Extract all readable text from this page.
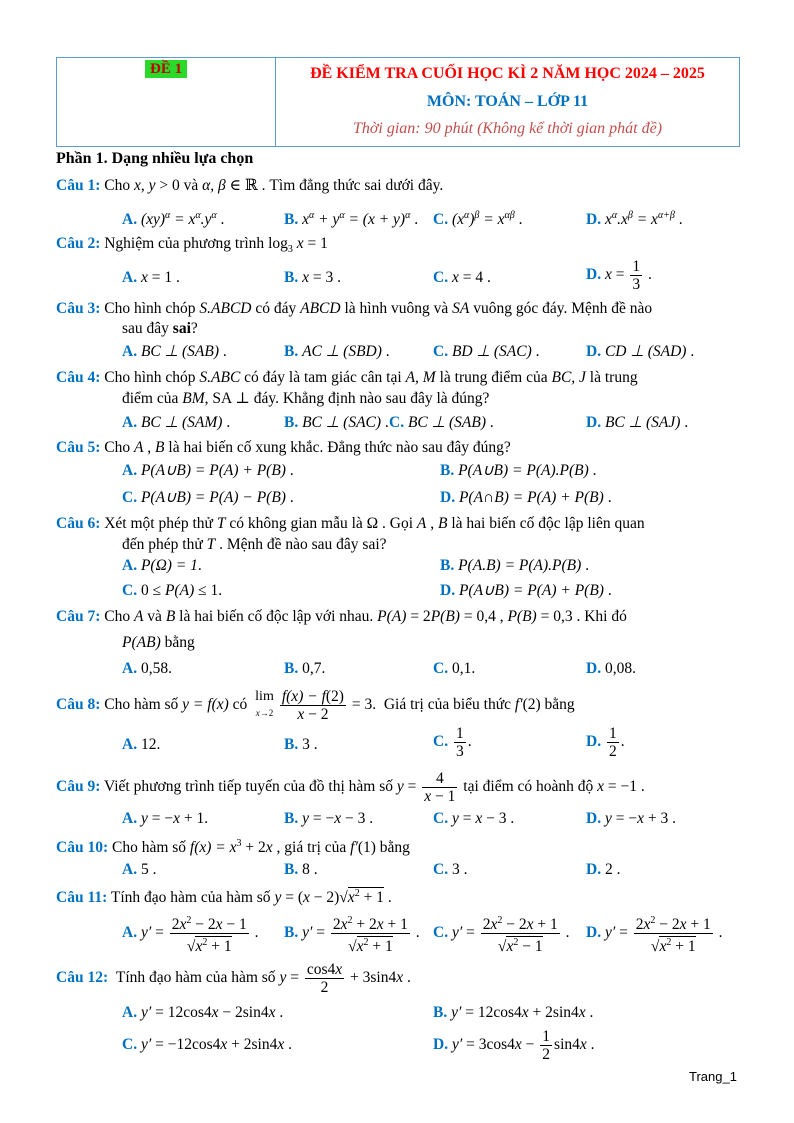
ĐỀ 1	ĐỀ KIỂM TRA CUỐI HỌC KÌ 2 NĂM HỌC 2024 – 2025
MÔN: TOÁN – LỚP 11
Thời gian: 90 phút (Không kể thời gian phát đề)
Phần 1. Dạng nhiều lựa chọn
Câu 1: Cho x, y > 0 và α, β ∈ ℝ . Tìm đẳng thức sai dưới đây.
A. $(xy)^\alpha = x^\alpha.y^\alpha$ .	B. $x^\alpha + y^\alpha = (x + y)^\alpha$ . C. $(x^\alpha)^\beta = x^{\alpha\beta}$ .	D. $x^\alpha.x^\beta = x^{\alpha+\beta}$ .
Câu 2: Nghiệm của phương trình $\log_3 x = 1$
A. x = 1 .	B. x = 3 .	C. x = 4 .	D. $x = \frac{1}{3}$ .
Câu 3: Cho hình chóp S.ABCD có đáy ABCD là hình vuông và SA vuông góc đáy. Mệnh đề nào
sau đây sai?
A. BC ⊥ (SAB) .	B. AC ⊥ (SBD) .	C. BD ⊥ (SAC) .	D. CD ⊥ (SAD) .
Câu 4: Cho hình chóp S.ABC có đáy là tam giác cân tại A, M là trung điểm của BC, J là trung
điểm của BM, SA ⊥ đáy. Khẳng định nào sau đây là đúng?
A. BC ⊥ (SAM) .	B. BC ⊥ (SAC) . C. BC ⊥ (SAB) .	D. BC ⊥ (SAJ) .
Câu 5: Cho A , B là hai biến cố xung khắc. Đẳng thức nào sau đây đúng?
A. P(A∪B) = P(A) + P(B) .	B. P(A∪B) = P(A).P(B) .
C. P(A∪B) = P(A) − P(B) .	D. P(A∩B) = P(A) + P(B) .
Câu 6: Xét một phép thử T có không gian mẫu là Ω . Gọi A , B là hai biến cố độc lập liên quan
đến phép thử T . Mệnh đề nào sau đây sai?
A. P(Ω) = 1.	B. P(A.B) = P(A).P(B) .
C. 0 ≤ P(A) ≤ 1.	D. P(A∪B) = P(A) + P(B) .
Câu 7: Cho A và B là hai biến cố độc lập với nhau. P(A) = 2P(B) = 0,4 , P(B) = 0,3 . Khi đó
P(AB) bằng
A. 0,58.	B. 0,7.	C. 0,1.	D. 0,08.
Câu 8: Cho hàm số y = f(x) có lim
$x\to 2 \frac{f(x) - f(2)}{x - 2} = 3$.  Giá trị của biểu thức f′(2) bằng
A. 12.	B. 3 .	C. $\frac{1}{3}$ .	D. $\frac{1}{2}$ .
Câu 9: Viết phương trình tiếp tuyến của đồ thị hàm số $y = \frac{4}{x - 1}$ tại điểm có hoành độ x = −1 .
A. y = −x + 1.	B. y = −x − 3 .	C. y = x − 3 .	D. y = −x + 3 .
Câu 10: Cho hàm số $f(x) = x^3 + 2x$ , giá trị của f′(1) bằng
A. 5 .	B. 8 .	C. 3 .	D. 2 .
Câu 11: Tính đạo hàm của hàm số $y = (x - 2)√x^2 + 1$ .
A. $y' = \frac{2x^2 - 2x - 1}{√x^2 + 1}$ . B. $y' = \frac{2x^2 + 2x + 1}{√x^2 + 1}$ . C. $y' = \frac{2x^2 - 2x + 1}{√x^2 - 1}$ . D. $y' = \frac{2x^2 - 2x + 1}{√x^2 + 1}$ .
Câu 12:  Tính đạo hàm của hàm số $y = \frac{\cos 4x}{2} + 3\sin 4x$ .
A. y′ = 12cos4x − 2sin4x .	B. y′ = 12cos4x + 2sin4x .
C. y′ = −12cos4x + 2sin4x .	D. $y' = 3\cos 4x - \frac{1}{2} \sin 4x$ .
Trang_1
